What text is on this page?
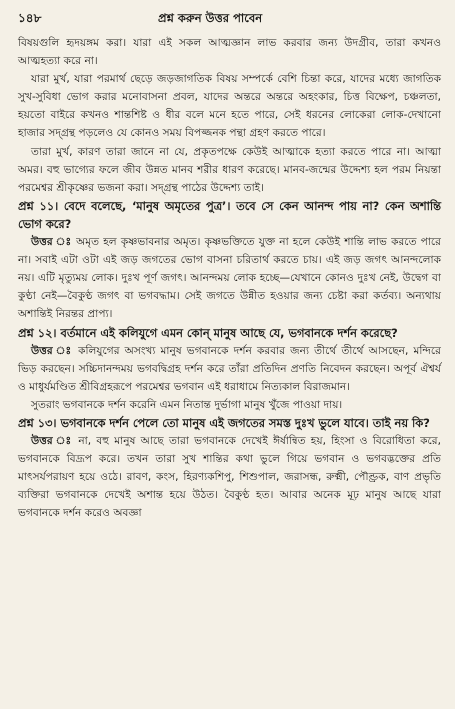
১৪৮	প্রশ্ন করুন উত্তর পাবেন

বিষয়গুলি হৃদয়ঙ্গম করা। যারা এই সকল আত্মজ্ঞান লাভ করবার জন্য উদগ্রীব, তারা কখনও আত্মহত্যা করে না।

যারা মুর্খ, যারা পরমার্থ ছেড়ে জড়জাগতিক বিষয় সম্পর্কে বেশি চিন্তা করে, যাদের মধ্যে জাগতিক সুখ-সুবিধা ভোগ করার মনোবাসনা প্রবল, যাদের অন্তরে অন্তরে অহংকার, চিত্ত বিক্ষেপ, চঞ্চলতা, হয়তো বাইরে কখনও শান্তশিষ্ট ও ধীর বলে মনে হতে পারে, সেই ধরনের লোকেরা লোক-দেখানো হাজার সদ্গ্রন্থ পড়লেও যে কোনও সময় বিপজ্জনক পন্থা গ্রহণ করতে পারে।

তারা মুর্খ, কারণ তারা জানে না যে, প্রকৃতপক্ষে কেউই আত্মাকে হত্যা করতে পারে না। আত্মা অমর। বহু ভাগ্যের ফলে জীব উন্নত মানব শরীর ধারণ করেছে। মানব-জন্মের উদ্দেশ্য হল পরম নিয়ন্তা পরমেশ্বর শ্রীকৃষ্ণের ভজনা করা। সদ্গ্রন্থ পাঠের উদ্দেশ্য তাই।

প্রশ্ন ১১। বেদে বলেছে, ‘মানুষ অমৃতের পুত্র’। তবে সে কেন আনন্দ পায় না? কেন অশান্তি ভোগ করে?

উত্তর ঃ অমৃত হল কৃষ্ণভাবনার অমৃত। কৃষ্ণভক্তিতে যুক্ত না হলে কেউই শান্তি লাভ করতে পারে না। সবাই এটা ওটা এই জড় জগতের ভোগ বাসনা চরিতার্থ করতে চায়। এই জড় জগৎ আনন্দলোক নয়। এটি মৃত্যুময় লোক। দুঃখ পূর্ণ জগৎ। আনন্দময় লোক হচ্ছে—যেখানে কোনও দুঃখ নেই, উদ্বেগ বা কুণ্ঠা নেই—বৈকুণ্ঠ জগৎ বা ভগবদ্ধাম। সেই জগতে উন্নীত হওয়ার জন্য চেষ্টা করা কর্তব্য। অন্যথায় অশান্তিই নিরন্তর প্রাপ্য।

প্রশ্ন ১২। বর্তমানে এই কলিযুগে এমন কোন্ মানুষ আছে যে, ভগবানকে দর্শন করেছে?

উত্তর ঃ কলিযুগের অসংখ্য মানুষ ভগবানকে দর্শন করবার জন্য তীর্থে তীর্থে আসছেন, মন্দিরে ভিড় করছেন। সচ্চিদানন্দময় ভগবদ্বিগ্রহ দর্শন করে তাঁরা প্রতিদিন প্রণতি নিবেদন করছেন। অপূর্ব ঐশ্বর্য ও মাধুর্যমণ্ডিত শ্রীবিগ্রহরূপে পরমেশ্বর ভগবান এই ধরাধামে নিত্যকাল বিরাজমান।

সুতরাং ভগবানকে দর্শন করেনি এমন নিতান্ত দুর্ভাগা মানুষ খুঁজে পাওয়া দায়।

প্রশ্ন ১৩। ভগবানকে দর্শন পেলে তো মানুষ এই জগতের সমস্ত দুঃখ ভুলে যাবে। তাই নয় কি?

উত্তর ঃ না, বহু মানুষ আছে তারা ভগবানকে দেখেই ঈর্ষান্বিত হয়, হিংসা ও বিরোধিতা করে, ভগবানকে বিদ্রূপ করে। তখন তারা সুখ শান্তির কথা ভুলে গিয়ে ভগবান ও ভগবদ্ভক্তের প্রতি মাৎসর্যপরায়ণ হয়ে ওঠে। রাবণ, কংস, হিরণ্যকশিপু, শিশুপাল, জরাসন্ধ, রুক্মী, পৌণ্ড্রক, বাণ প্রভৃতি ব্যক্তিরা ভগবানকে দেখেই অশান্ত হয়ে উঠত। বৈকুণ্ঠ হত। আবার অনেক মূঢ় মানুষ আছে যারা ভগবানকে দর্শন করেও অবজ্ঞা
